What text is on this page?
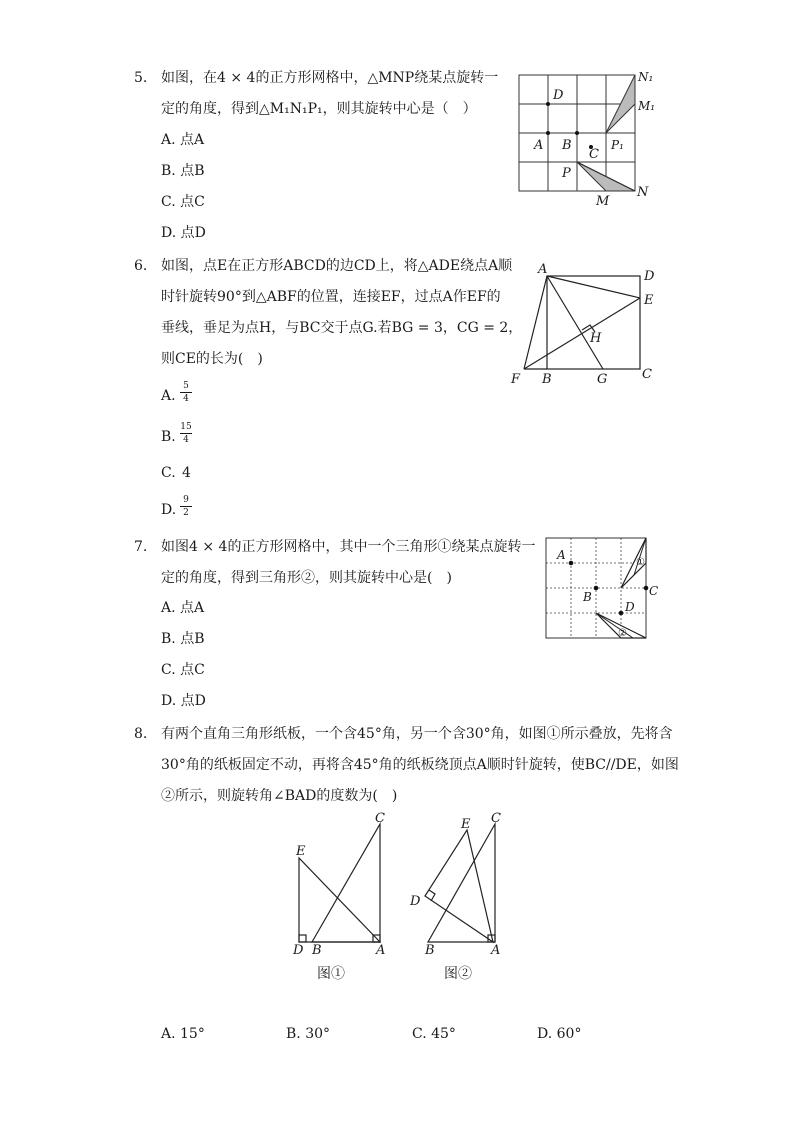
5. 如图，在4 × 4的正方形网格中，△MNP绕某点旋转一
定的角度，得到△M₁N₁P₁，则其旋转中心是（　）
A. 点A
B. 点B
C. 点C
D. 点D
D
A B
C
P₁
P
M
N
N₁
M₁
6. 如图，点E在正方形ABCD的边CD上，将△ADE绕点A顺
时针旋转90°到△ABF的位置，连接EF，过点A作EF的
垂线，垂足为点H，与BC交于点G.若BG = 3，CG = 2，
则CE的长为(　)
A.
5
4
B.
15
4
C. 4
D.
9
2
A	D
E
H
F B	G	C
7. 如图4 × 4的正方形网格中，其中一个三角形①绕某点旋转一
定的角度，得到三角形②，则其旋转中心是(　)
A. 点A
B. 点B
C. 点C
D. 点D
A
B	C
D
①
②
8. 有两个直角三角形纸板，一个含45°角，另一个含30°角，如图①所示叠放，先将含
30°角的纸板固定不动，再将含45°角的纸板绕顶点A顺时针旋转，使BC//DE，如图
②所示，则旋转角∠BAD的度数为(　)
E
C
D B	A
图①
E C
D
B	A
图②
A. 15°	B. 30°	C. 45°	D. 60°
